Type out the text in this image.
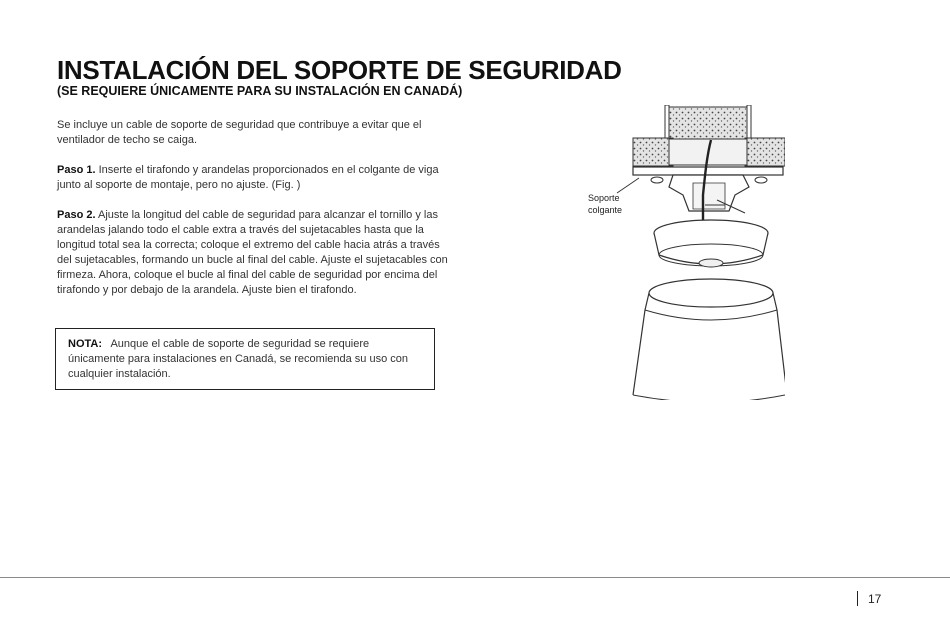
INSTALACIÓN DEL SOPORTE DE SEGURIDAD
(SE REQUIERE ÚNICAMENTE PARA SU INSTALACIÓN EN CANADÁ)

Se incluye un cable de soporte de seguridad que contribuye a evitar que el ventilador de techo se caiga.

Paso 1. Inserte el tirafondo y arandelas proporcionados en el colgante de viga junto al soporte de montaje, pero no ajuste. (Fig. )

Paso 2. Ajuste la longitud del cable de seguridad para alcanzar el tornillo y las arandelas jalando todo el cable extra a través del sujetacables hasta que la longitud total sea la correcta; coloque el extremo del cable hacia atrás a través del sujetacables, formando un bucle al final del cable. Ajuste el sujetacables con firmeza. Ahora, coloque el bucle al final del cable de seguridad por encima del tirafondo y por debajo de la arandela. Ajuste bien el tirafondo.

NOTA: Aunque el cable de soporte de seguridad se requiere únicamente para instalaciones en Canadá, se recomienda su uso con cualquier instalación.
Soporte
colgante
17
